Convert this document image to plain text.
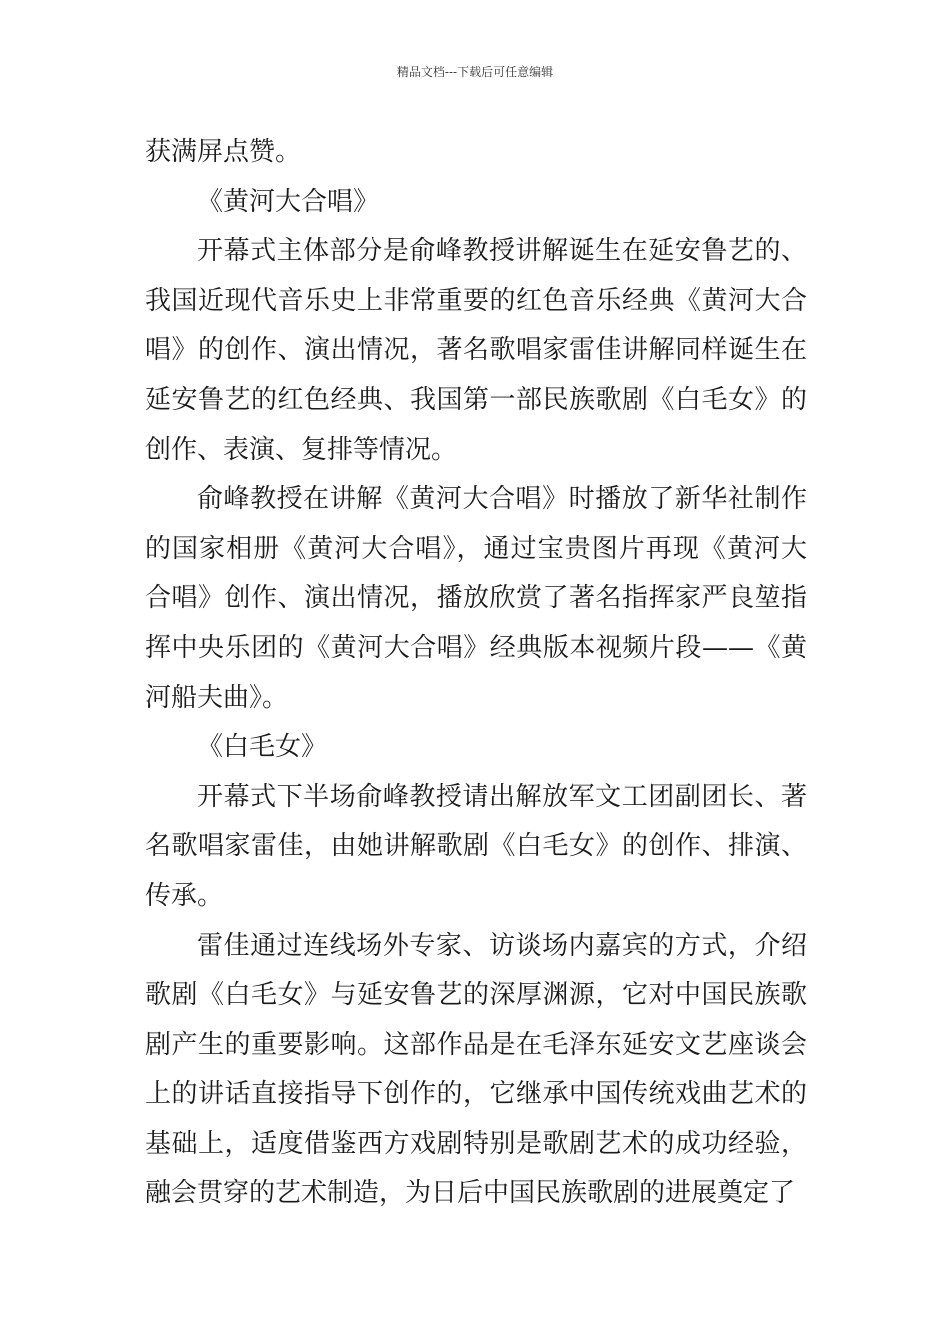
精品文档---下载后可任意编辑

获满屏点赞。

《黄河大合唱》

开幕式主体部分是俞峰教授讲解诞生在延安鲁艺的、我国近现代音乐史上非常重要的红色音乐经典《黄河大合唱》的创作、演出情况，著名歌唱家雷佳讲解同样诞生在延安鲁艺的红色经典、我国第一部民族歌剧《白毛女》的创作、表演、复排等情况。

俞峰教授在讲解《黄河大合唱》时播放了新华社制作的国家相册《黄河大合唱》，通过宝贵图片再现《黄河大合唱》创作、演出情况，播放欣赏了著名指挥家严良堃指挥中央乐团的《黄河大合唱》经典版本视频片段——《黄河船夫曲》。

《白毛女》

开幕式下半场俞峰教授请出解放军文工团副团长、著名歌唱家雷佳，由她讲解歌剧《白毛女》的创作、排演、传承。

雷佳通过连线场外专家、访谈场内嘉宾的方式，介绍歌剧《白毛女》与延安鲁艺的深厚渊源，它对中国民族歌剧产生的重要影响。这部作品是在毛泽东延安文艺座谈会上的讲话直接指导下创作的，它继承中国传统戏曲艺术的基础上，适度借鉴西方戏剧特别是歌剧艺术的成功经验，融会贯穿的艺术制造，为日后中国民族歌剧的进展奠定了
